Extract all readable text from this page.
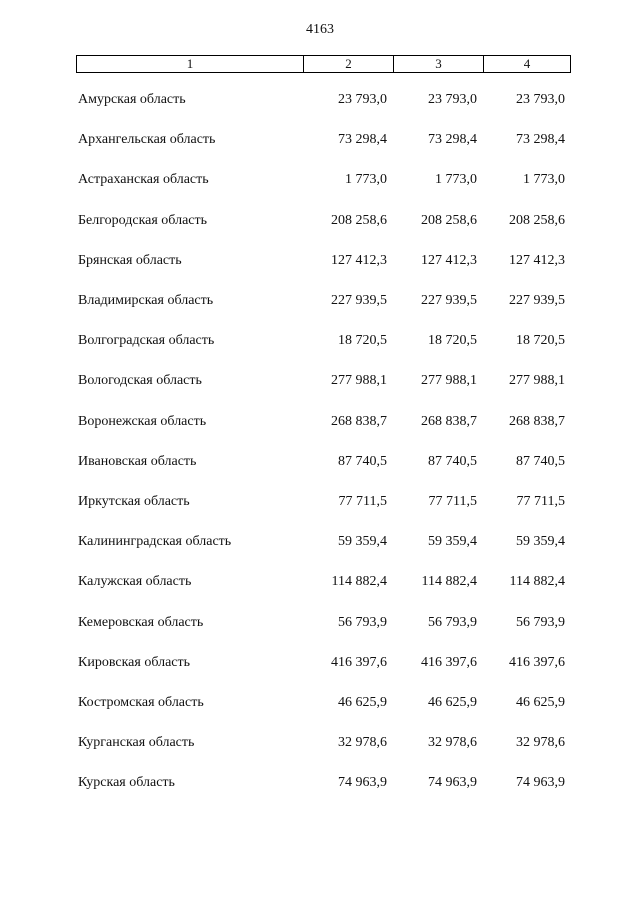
4163
1	2	3	4
Амурская область	23 793,0	23 793,0	23 793,0
Архангельская область	73 298,4	73 298,4	73 298,4
Астраханская область	1 773,0	1 773,0	1 773,0
Белгородская область	208 258,6	208 258,6	208 258,6
Брянская область	127 412,3	127 412,3	127 412,3
Владимирская область	227 939,5	227 939,5	227 939,5
Волгоградская область	18 720,5	18 720,5	18 720,5
Вологодская область	277 988,1	277 988,1	277 988,1
Воронежская область	268 838,7	268 838,7	268 838,7
Ивановская область	87 740,5	87 740,5	87 740,5
Иркутская область	77 711,5	77 711,5	77 711,5
Калининградская область	59 359,4	59 359,4	59 359,4
Калужская область	114 882,4	114 882,4	114 882,4
Кемеровская область	56 793,9	56 793,9	56 793,9
Кировская область	416 397,6	416 397,6	416 397,6
Костромская область	46 625,9	46 625,9	46 625,9
Курганская область	32 978,6	32 978,6	32 978,6
Курская область	74 963,9	74 963,9	74 963,9
